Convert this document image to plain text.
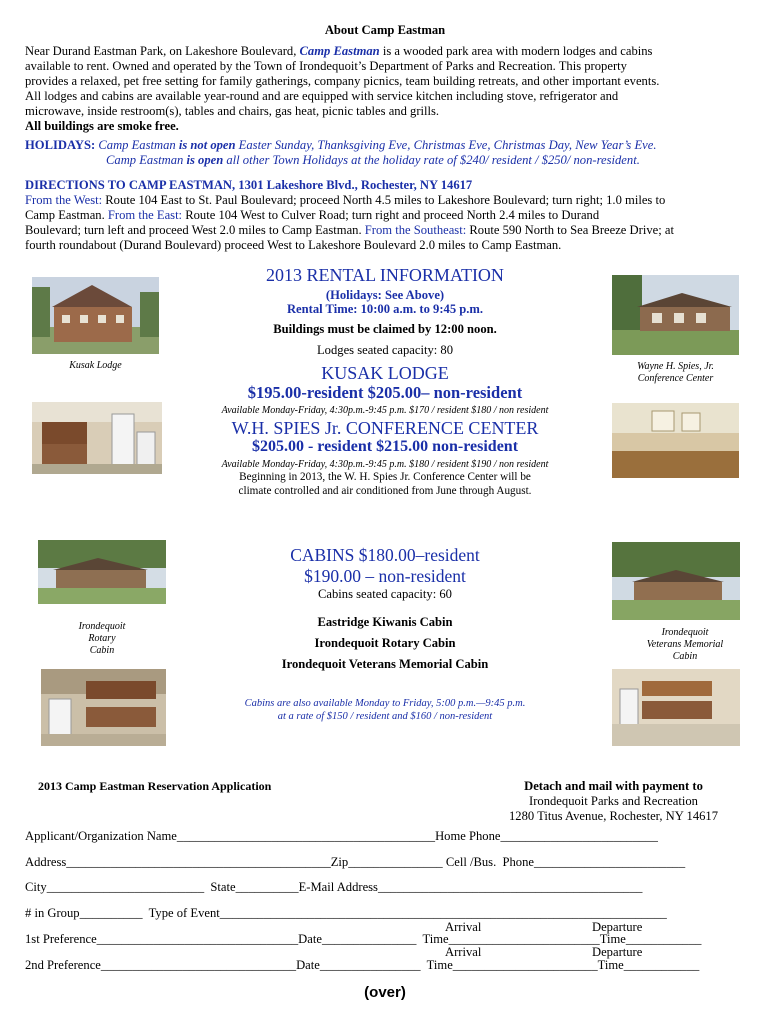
About Camp Eastman

Near Durand Eastman Park, on Lakeshore Boulevard, Camp Eastman is a wooded park area with modern lodges and cabins

available to rent. Owned and operated by the Town of Irondequoit’s Department of Parks and Recreation. This property

provides a relaxed, pet free setting for family gatherings, company picnics, team building retreats, and other important events.

All lodges and cabins are available year-round and are equipped with service kitchen including stove, refrigerator and

microwave, inside restroom(s), tables and chairs, gas heat, picnic tables and grills.

All buildings are smoke free.

HOLIDAYS: Camp Eastman is not open Easter Sunday, Thanksgiving Eve, Christmas Eve, Christmas Day, New Year’s Eve.

Camp Eastman is open all other Town Holidays at the holiday rate of $240/ resident / $250/ non-resident.

DIRECTIONS TO CAMP EASTMAN, 1301 Lakeshore Blvd., Rochester, NY 14617

From the West: Route 104 East to St. Paul Boulevard; proceed North 4.5 miles to Lakeshore Boulevard; turn right; 1.0 miles to

Camp Eastman. From the East: Route 104 West to Culver Road; turn right and proceed North 2.4 miles to Durand

Boulevard; turn left and proceed West 2.0 miles to Camp Eastman. From the Southeast: Route 590 North to Sea Breeze Drive; at

fourth roundabout (Durand Boulevard) proceed West to Lakeshore Boulevard 2.0 miles to Camp Eastman.

2013 RENTAL INFORMATION
(Holidays: See Above)
Rental Time: 10:00 a.m. to 9:45 p.m.
Buildings must be claimed by 12:00 noon.
Lodges seated capacity: 80
KUSAK LODGE
$195.00-resident $205.00– non-resident
Available Monday-Friday, 4:30p.m.-9:45 p.m. $170 / resident $180 / non resident
W.H. SPIES Jr. CONFERENCE CENTER
$205.00 - resident $215.00 non-resident
Available Monday-Friday, 4:30p.m.-9:45 p.m. $180 / resident $190 / non resident
Beginning in 2013, the W. H. Spies Jr. Conference Center will be
climate controlled and air conditioned from June through August.
Kusak Lodge	Wayne H. Spies, Jr.
Conference Center
CABINS $180.00–resident
$190.00 – non-resident
Cabins seated capacity: 60
Eastridge Kiwanis Cabin
Irondequoit Rotary Cabin
Irondequoit Veterans Memorial Cabin
Cabins are also available Monday to Friday, 5:00 p.m.—9:45 p.m.
at a rate of $150 / resident and $160 / non-resident
Irondequoit
Rotary
Cabin
Irondequoit
Veterans Memorial
Cabin
2013 Camp Eastman Reservation Application	Detach and mail with payment to
Irondequoit Parks and Recreation
1280 Titus Avenue, Rochester, NY 14617
Applicant/Organization Name_________________________________________Home Phone_________________________
Address__________________________________________Zip_______________ Cell /Bus.  Phone________________________
City_________________________  State__________E-Mail Address__________________________________________
# in Group__________  Type of Event_______________________________________________________________________
Arrival	Departure
1st Preference________________________________Date_______________  Time________________________Time____________
Arrival	Departure
2nd Preference_______________________________Date________________  Time_______________________Time____________
(over)
